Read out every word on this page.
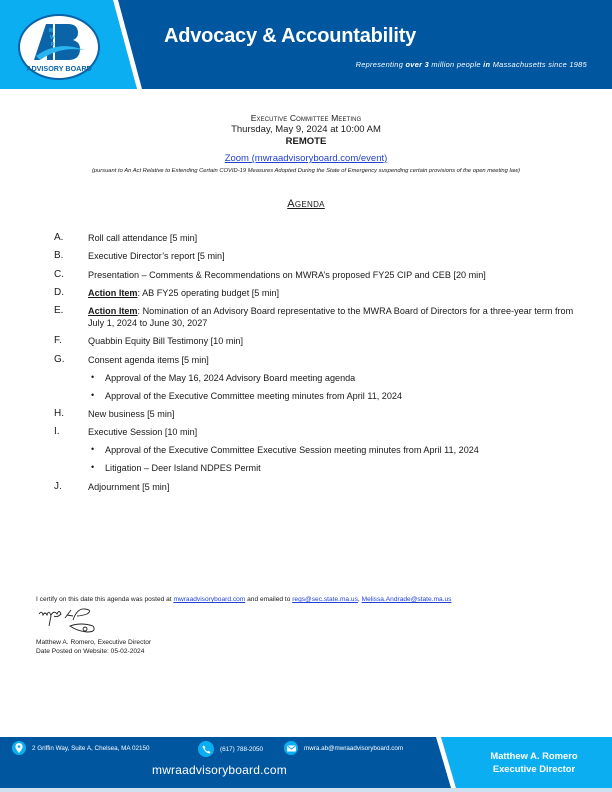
M
W
R
A
ADVISORY BOARD
Advocacy & Accountability
Representing over 3 million people in Massachusetts since 1985
Executive Committee Meeting
Thursday, May 9, 2024 at 10:00 AM
REMOTE
Zoom (mwraadvisoryboard.com/event)
(pursuant to An Act Relative to Extending Certain COVID-19 Measures Adopted During the State of Emergency suspending certain provisions of the open meeting law)
Agenda
A.	Roll call attendance [5 min]
B.	Executive Director’s report [5 min]
C.	Presentation – Comments & Recommendations on MWRA’s proposed FY25 CIP and CEB [20 min]
D.	Action Item: AB FY25 operating budget [5 min]
E.	Action Item: Nomination of an Advisory Board representative to the MWRA Board of Directors for a three-year term from July 1, 2024 to June 30, 2027
F.	Quabbin Equity Bill Testimony [10 min]
G.	Consent agenda items [5 min]
• Approval of the May 16, 2024 Advisory Board meeting agenda
• Approval of the Executive Committee meeting minutes from April 11, 2024
H.	New business [5 min]
I.	Executive Session [10 min]
• Approval of the Executive Committee Executive Session meeting minutes from April 11, 2024
• Litigation – Deer Island NDPES Permit
J.	Adjournment [5 min]
I certify on this date this agenda was posted at mwraadvisoryboard.com and emailed to regs@sec.state.ma.us, Melissa.Andrade@state.ma.us
Matthew A. Romero, Executive Director
Date Posted on Website: 05-02-2024
2 Griffin Way, Suite A, Chelsea, MA 02150	(617) 788-2050	mwra.ab@mwraadvisoryboard.com
mwraadvisoryboard.com
Matthew A. Romero
Executive Director
